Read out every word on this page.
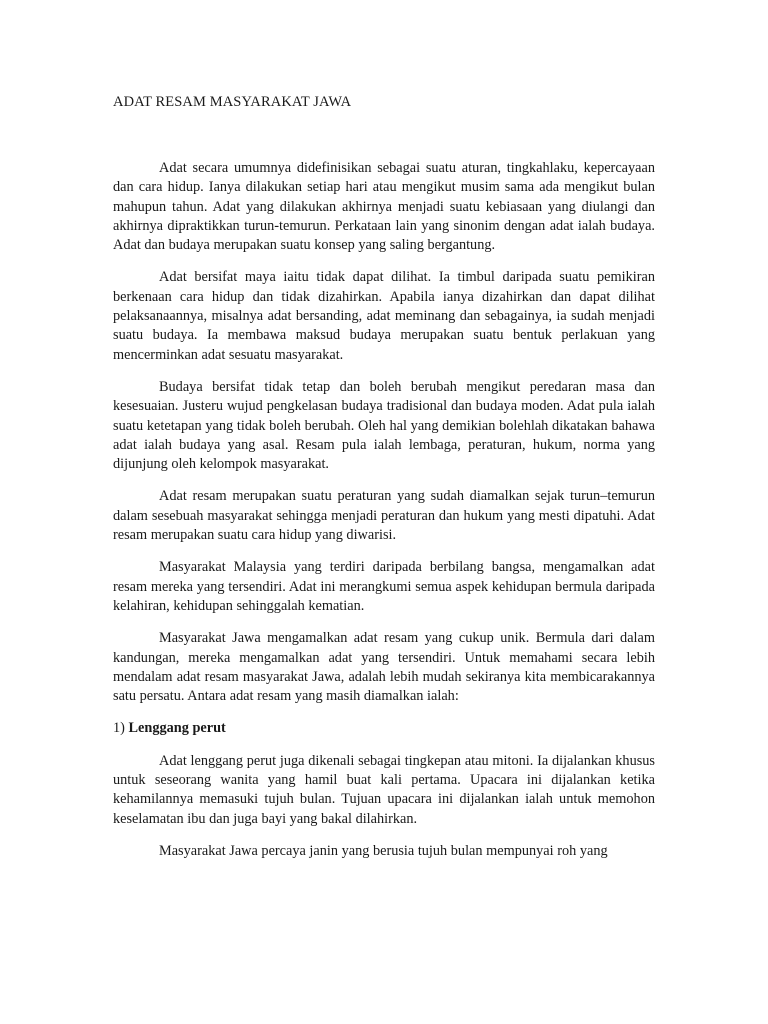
ADAT RESAM MASYARAKAT JAWA

Adat secara umumnya didefinisikan sebagai suatu aturan, tingkahlaku, kepercayaan dan cara hidup. Ianya dilakukan setiap hari atau mengikut musim sama ada mengikut bulan mahupun tahun. Adat yang dilakukan akhirnya menjadi suatu kebiasaan yang diulangi dan akhirnya dipraktikkan turun-temurun. Perkataan lain yang sinonim dengan adat ialah budaya. Adat dan budaya merupakan suatu konsep yang saling bergantung.

Adat bersifat maya iaitu tidak dapat dilihat. Ia timbul daripada suatu pemikiran berkenaan cara hidup dan tidak dizahirkan. Apabila ianya dizahirkan dan dapat dilihat pelaksanaannya, misalnya adat bersanding, adat meminang dan sebagainya, ia sudah menjadi suatu budaya. Ia membawa maksud budaya merupakan suatu bentuk perlakuan yang mencerminkan adat sesuatu masyarakat.

Budaya bersifat tidak tetap dan boleh berubah mengikut peredaran masa dan kesesuaian. Justeru wujud pengkelasan budaya tradisional dan budaya moden. Adat pula ialah suatu ketetapan yang tidak boleh berubah. Oleh hal yang demikian bolehlah dikatakan bahawa adat ialah budaya yang asal. Resam pula ialah lembaga, peraturan, hukum, norma yang dijunjung oleh kelompok masyarakat.

Adat resam merupakan suatu peraturan yang sudah diamalkan sejak turun–temurun dalam sesebuah masyarakat sehingga menjadi peraturan dan hukum yang mesti dipatuhi. Adat resam merupakan suatu cara hidup yang diwarisi.

Masyarakat Malaysia yang terdiri daripada berbilang bangsa, mengamalkan adat resam mereka yang tersendiri. Adat ini merangkumi semua aspek kehidupan bermula daripada kelahiran, kehidupan sehinggalah kematian.

Masyarakat Jawa mengamalkan adat resam yang cukup unik. Bermula dari dalam kandungan, mereka mengamalkan adat yang tersendiri. Untuk memahami secara lebih mendalam adat resam masyarakat Jawa, adalah lebih mudah sekiranya kita membicarakannya satu persatu. Antara adat resam yang masih diamalkan ialah:

1) Lenggang perut

Adat lenggang perut juga dikenali sebagai tingkepan atau mitoni. Ia dijalankan khusus untuk seseorang wanita yang hamil buat kali pertama. Upacara ini dijalankan ketika kehamilannya memasuki tujuh bulan. Tujuan upacara ini dijalankan ialah untuk memohon keselamatan ibu dan juga bayi yang bakal dilahirkan.

Masyarakat Jawa percaya janin yang berusia tujuh bulan mempunyai roh yang
